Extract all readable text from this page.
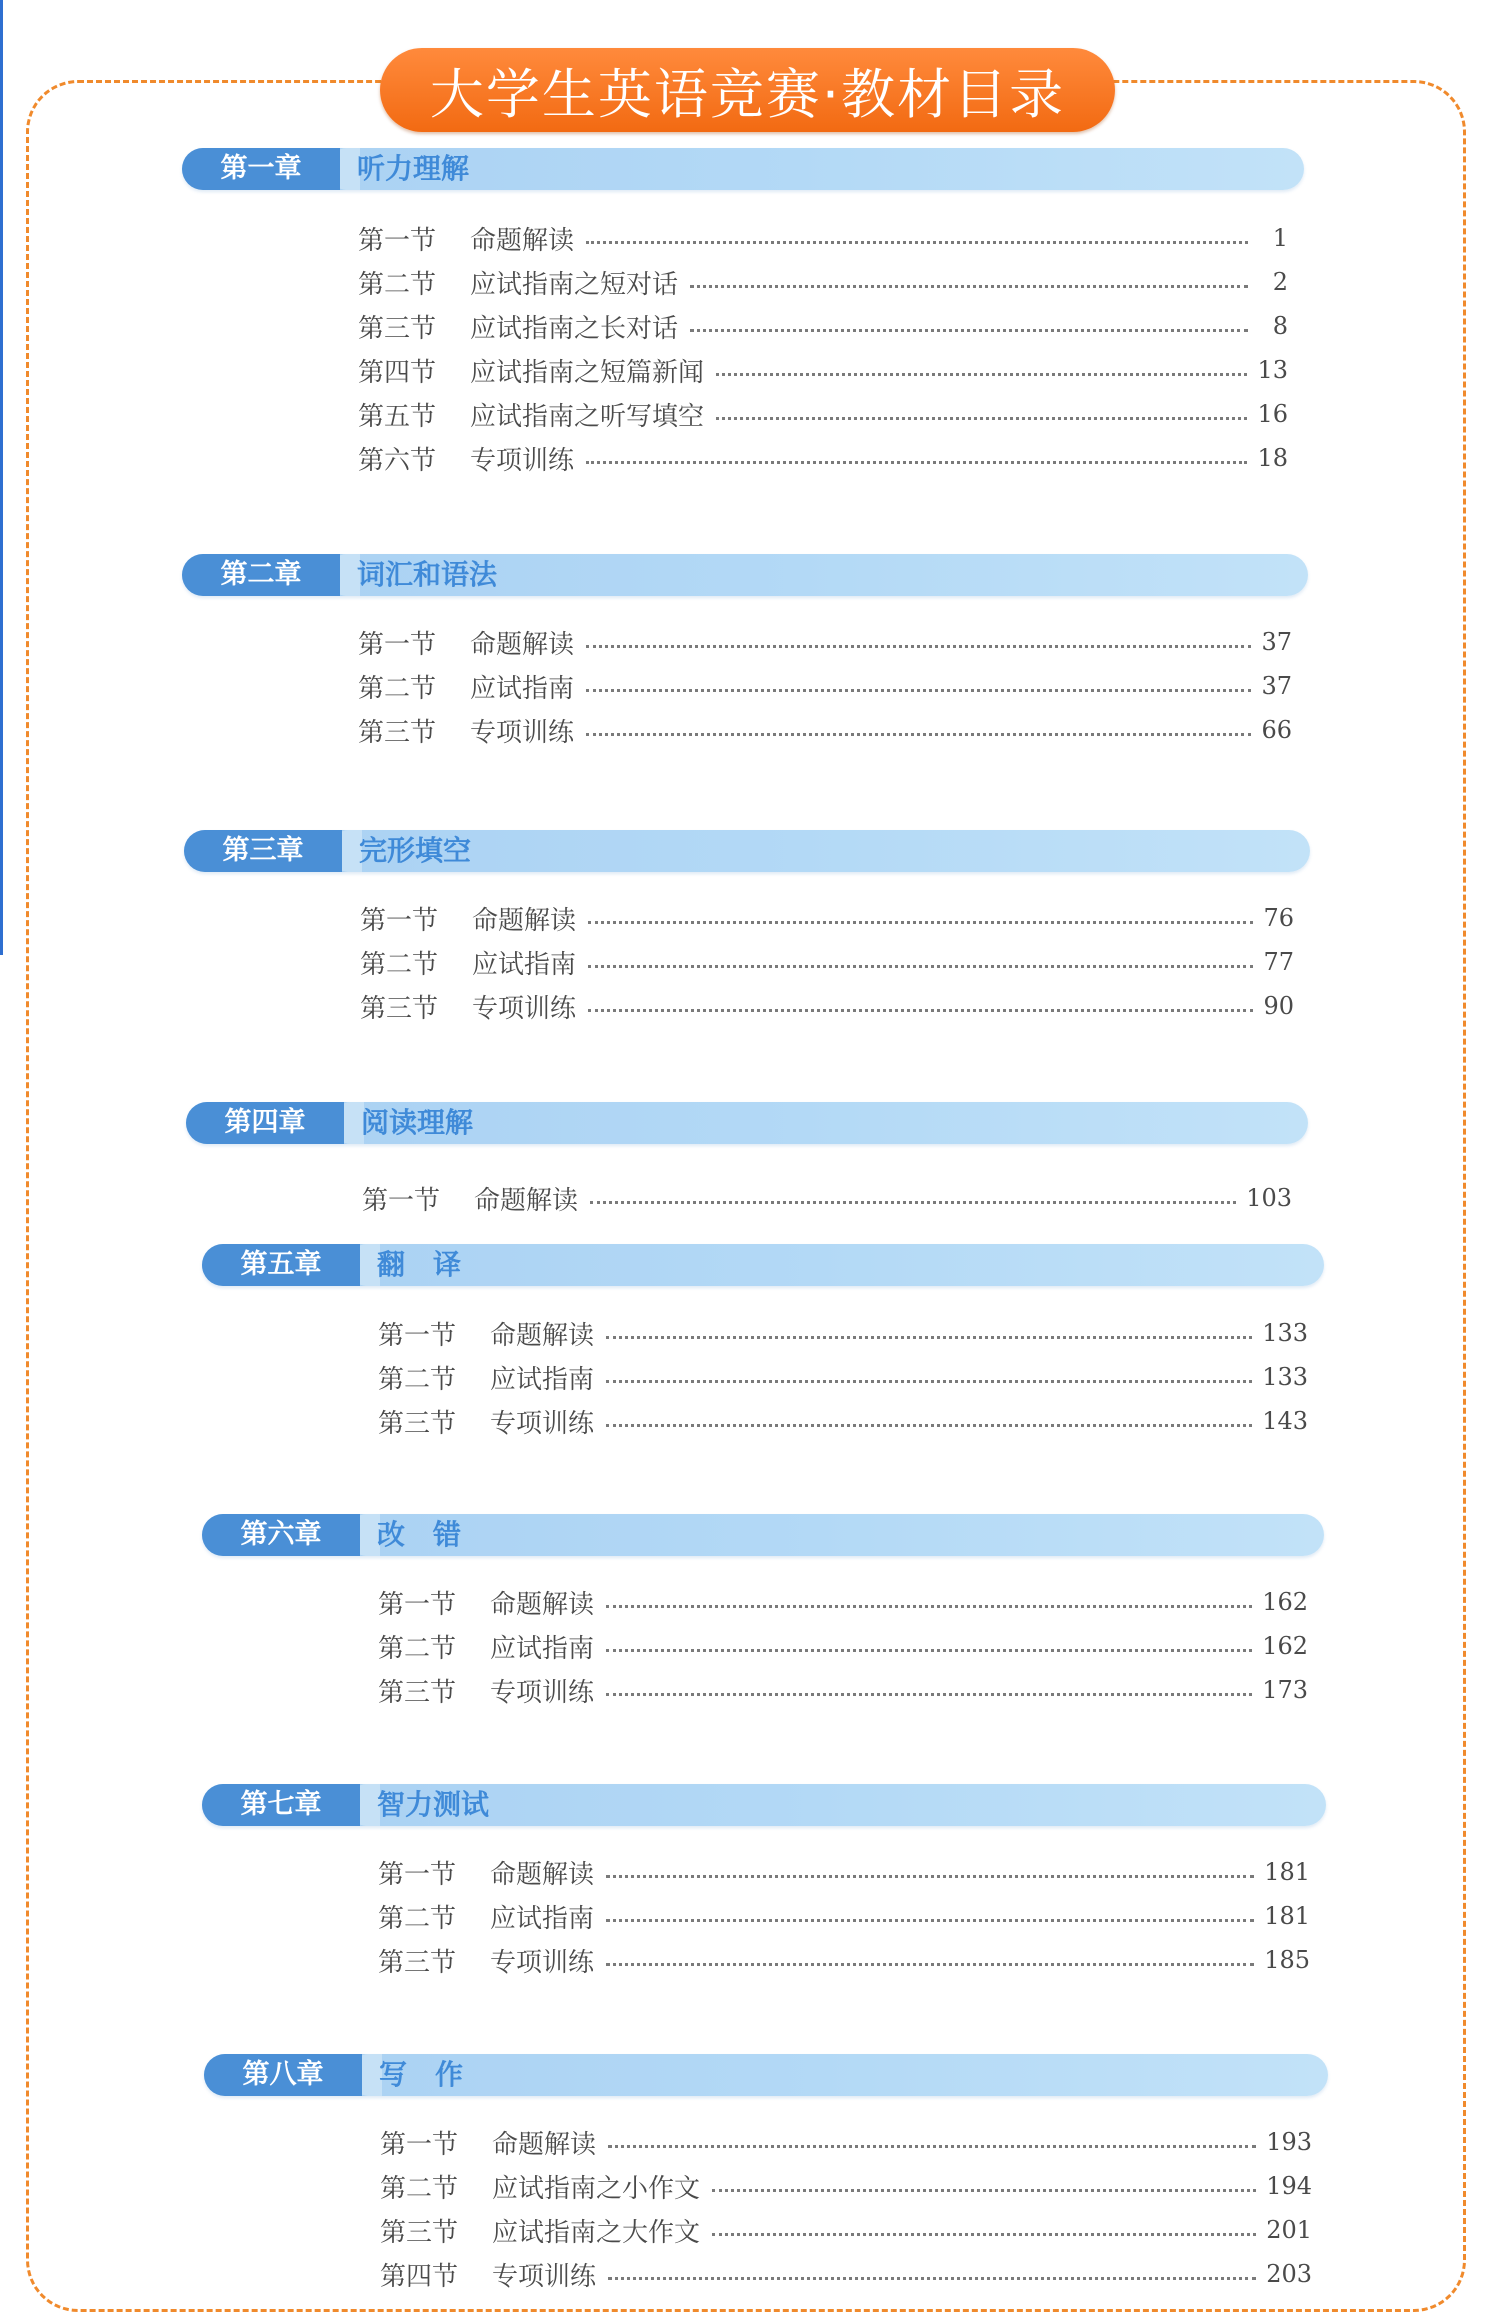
大学生英语竞赛·教材目录
第一章	听力理解
第一节	命题解读	1
第二节	应试指南之短对话	2
第三节	应试指南之长对话	8
第四节	应试指南之短篇新闻	13
第五节	应试指南之听写填空	16
第六节	专项训练	18
第二章	词汇和语法
第一节	命题解读	37
第二节	应试指南	37
第三节	专项训练	66
第三章	完形填空
第一节	命题解读	76
第二节	应试指南	77
第三节	专项训练	90
第四章	阅读理解
第一节	命题解读	103
第五章	翻　译
第一节	命题解读	133
第二节	应试指南	133
第三节	专项训练	143
第六章	改　错
第一节	命题解读	162
第二节	应试指南	162
第三节	专项训练	173
第七章	智力测试
第一节	命题解读	181
第二节	应试指南	181
第三节	专项训练	185
第八章	写　作
第一节	命题解读	193
第二节	应试指南之小作文	194
第三节	应试指南之大作文	201
第四节	专项训练	203
